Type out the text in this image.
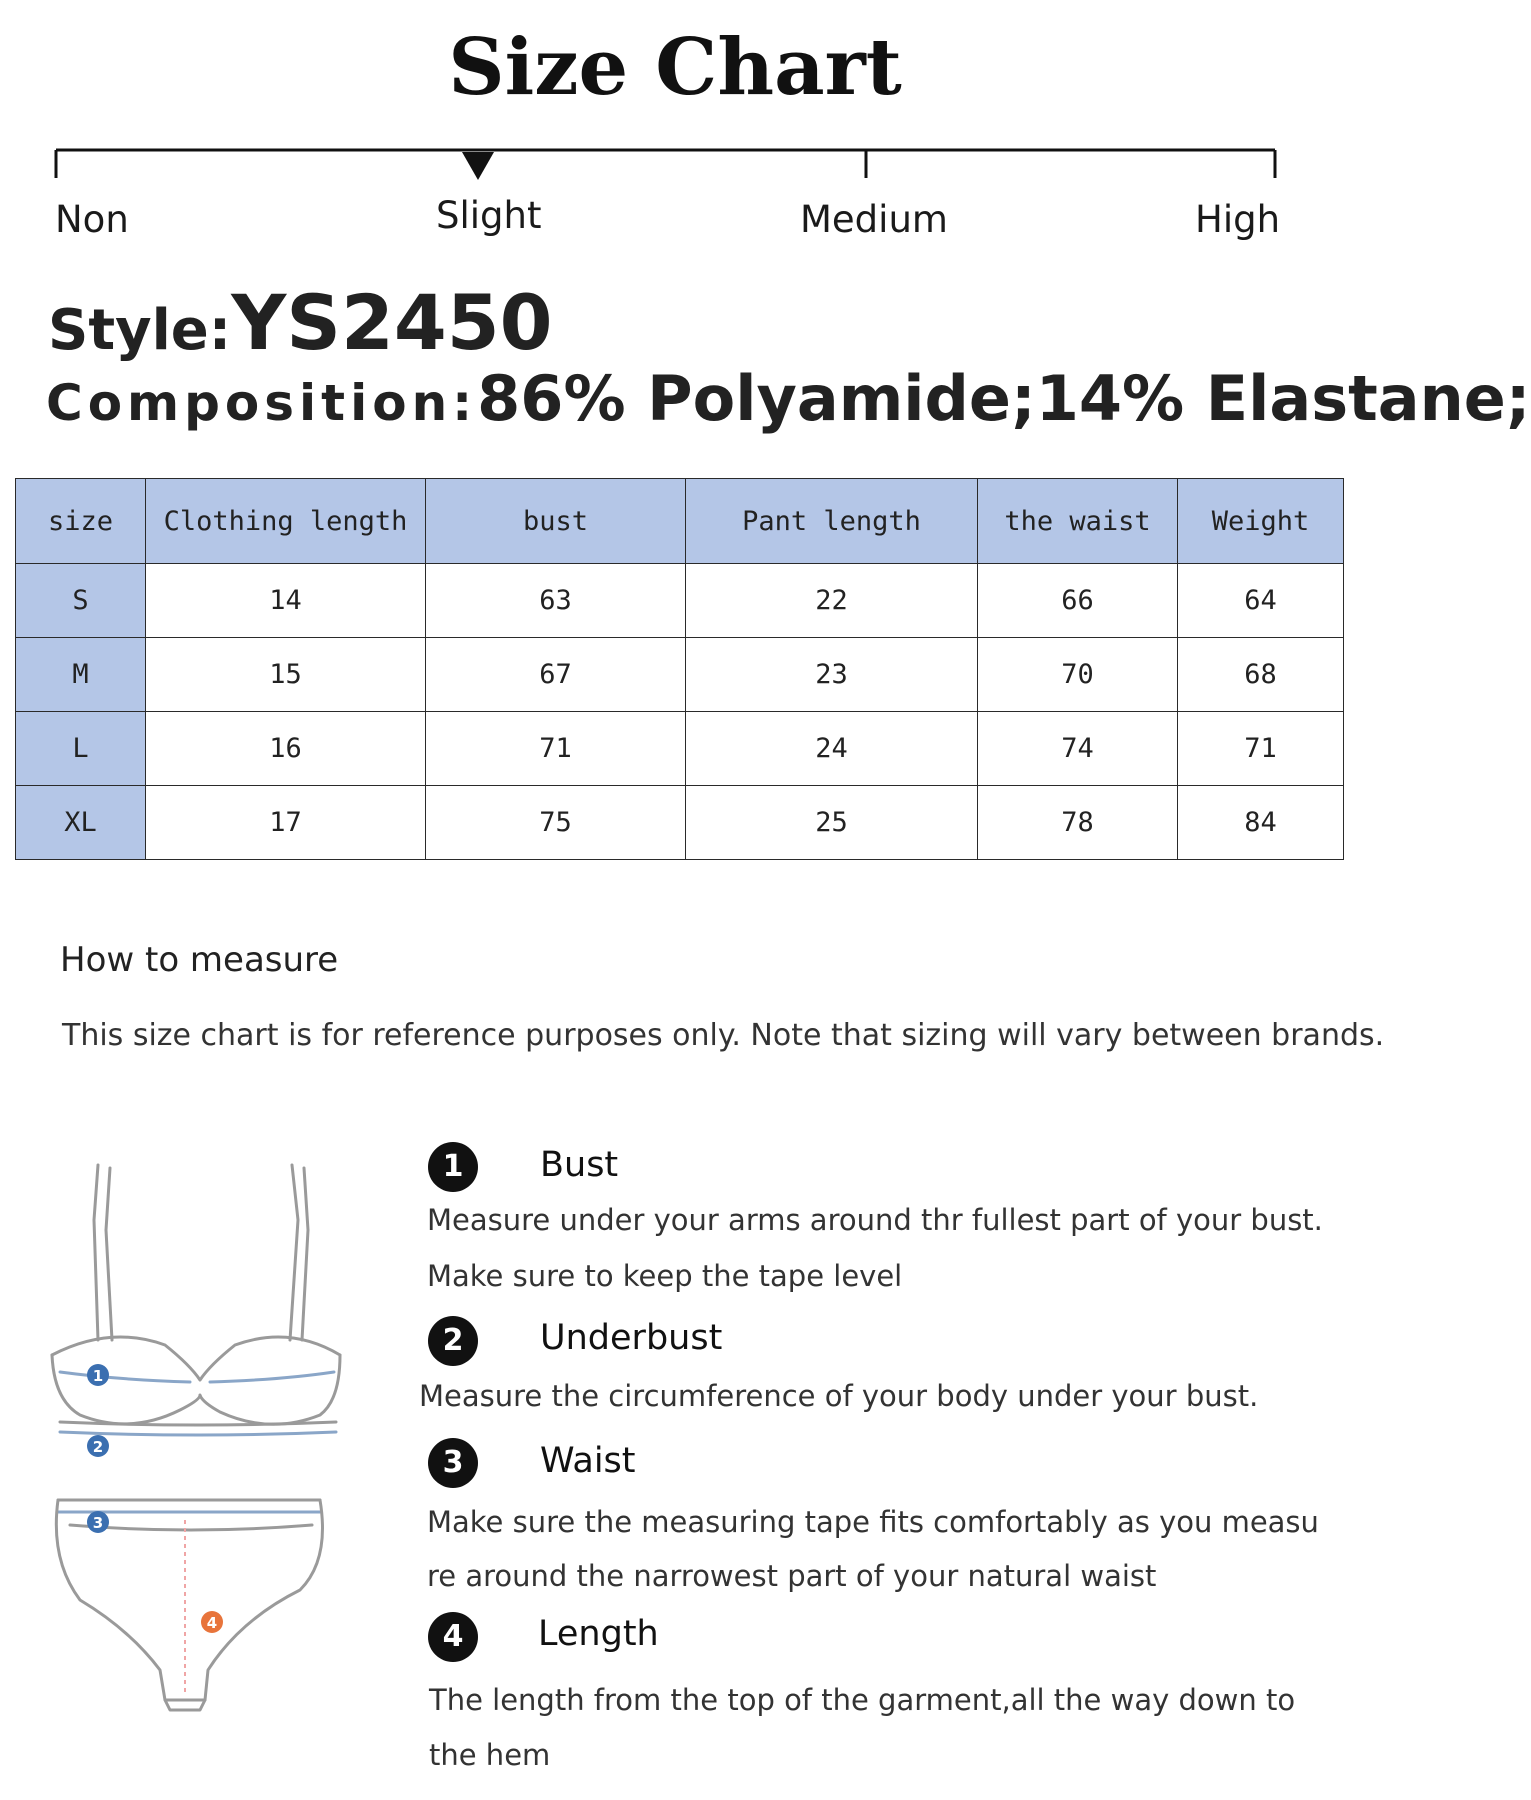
Size Chart
Non	Slight	Medium	High
Style:YS2450
Composition:86% Polyamide;14% Elastane;
size	Clothing length	bust	Pant length	the waist	Weight
S	14	63	22	66	64
M	15	67	23	70	68
L	16	71	24	74	71
XL	17	75	25	78	84
How to measure
This size chart is for reference purposes only. Note that sizing will vary between brands.
1
2
3
4
1	Bust
Measure under your arms around thr fullest part of your bust.
Make sure to keep the tape level
2	Underbust
Measure the circumference of your body under your bust.
3	Waist
Make sure the measuring tape fits comfortably as you measu
re around the narrowest part of your natural waist
4	Length
The length from the top of the garment,all the way down to
the hem
